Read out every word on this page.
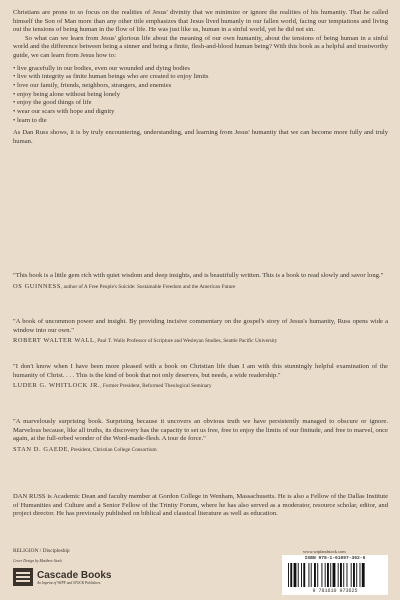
Christians are prone to so focus on the realities of Jesus' divinity that we minimize or ignore the realities of his humanity. That he called himself the Son of Man more than any other title emphasizes that Jesus lived humanly in our fallen world, facing our temptations and living out the tensions of being human in the flow of life. He was just like us, human in a sinful world, yet he did not sin.

So what can we learn from Jesus' glorious life about the meaning of our own humanity, about the tensions of being human in a sinful world and the difference between being a sinner and being a finite, flesh-and-blood human being? With this book as a helpful and trustworthy guide, we can learn from Jesus how to:

• live gracefully in our bodies, even our wounded and dying bodies
• live with integrity as finite human beings who are created to enjoy limits
• love our family, friends, neighbors, strangers, and enemies
• enjoy being alone without being lonely
• enjoy the good things of life
• wear our scars with hope and dignity
• learn to die

As Dan Russ shows, it is by truly encountering, understanding, and learning from Jesus' humanity that we can become more fully and truly human.

"This book is a little gem rich with quiet wisdom and deep insights, and is beautifully written. This is a book to read slowly and savor long."

OS GUINNESS, author of A Free People's Suicide: Sustainable Freedom and the American Future

"A book of uncommon power and insight. By providing incisive commentary on the gospel's story of Jesus's humanity, Russ opens wide a window into our own."

ROBERT WALTER WALL, Paul T. Walls Professor of Scripture and Wesleyan Studies, Seattle Pacific University

"I don't know when I have been more pleased with a book on Christian life than I am with this stunningly helpful examination of the humanity of Christ. . . . This is the kind of book that not only deserves, but needs, a wide readership."

LUDER G. WHITLOCK JR., Former President, Reformed Theological Seminary

"A marvelously surprising book. Surprising because it uncovers an obvious truth we have persistently managed to obscure or ignore. Marvelous because, like all truths, its discovery has the capacity to set us free, free to enjoy the limits of our finitude, and free to marvel, once again, at the full-orbed wonder of the Word-made-flesh. A tour de force."

STAN D. GAEDE, President, Christian College Consortium

DAN RUSS is Academic Dean and faculty member at Gordon College in Wenham, Massachusetts. He is also a Fellow of the Dallas Institute of Humanities and Culture and a Senior Fellow of the Trinity Forum, where he has also served as a moderator, resource scholar, editor, and project director. He has previously published on biblical and classical literature as well as education.

RELIGION / Discipleship
Cover Design by Matthew Stock
Cascade Books
An Imprint of WIPF and STOCK Publishers
www.wipfandstock.com
ISBN 978-1-61097-362-5
9 781610 973625
